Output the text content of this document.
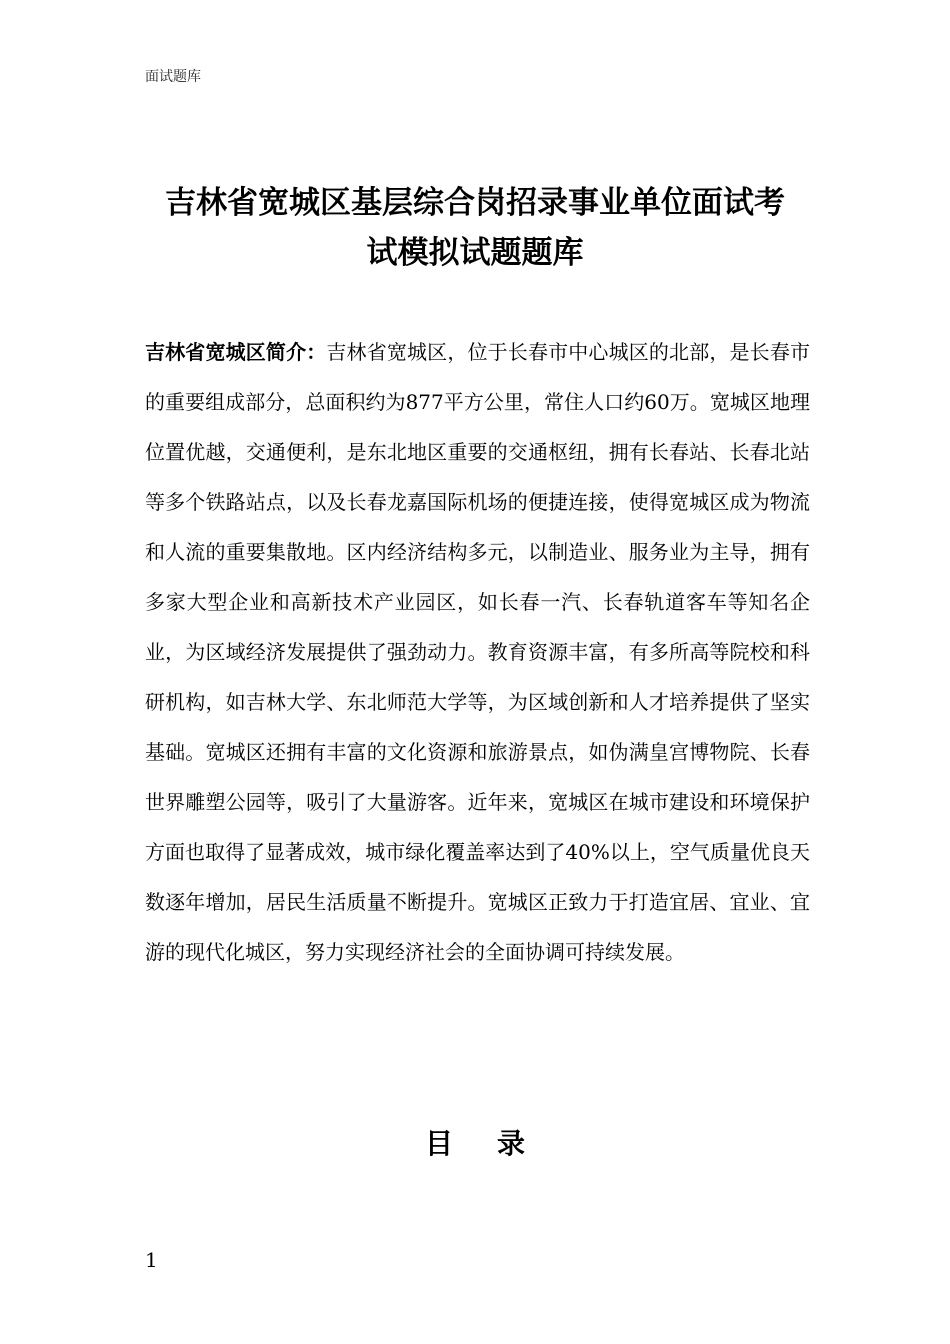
面试题库
吉林省宽城区基层综合岗招录事业单位面试考
试模拟试题题库

吉林省宽城区简介：吉林省宽城区，位于长春市中心城区的北部，是长春市的重要组成部分，总面积约为877平方公里，常住人口约60万。宽城区地理位置优越，交通便利，是东北地区重要的交通枢纽，拥有长春站、长春北站等多个铁路站点，以及长春龙嘉国际机场的便捷连接，使得宽城区成为物流和人流的重要集散地。区内经济结构多元，以制造业、服务业为主导，拥有多家大型企业和高新技术产业园区，如长春一汽、长春轨道客车等知名企业，为区域经济发展提供了强劲动力。教育资源丰富，有多所高等院校和科研机构，如吉林大学、东北师范大学等，为区域创新和人才培养提供了坚实基础。宽城区还拥有丰富的文化资源和旅游景点，如伪满皇宫博物院、长春世界雕塑公园等，吸引了大量游客。近年来，宽城区在城市建设和环境保护方面也取得了显著成效，城市绿化覆盖率达到了40%以上，空气质量优良天数逐年增加，居民生活质量不断提升。宽城区正致力于打造宜居、宜业、宜游的现代化城区，努力实现经济社会的全面协调可持续发展。

目录
1
